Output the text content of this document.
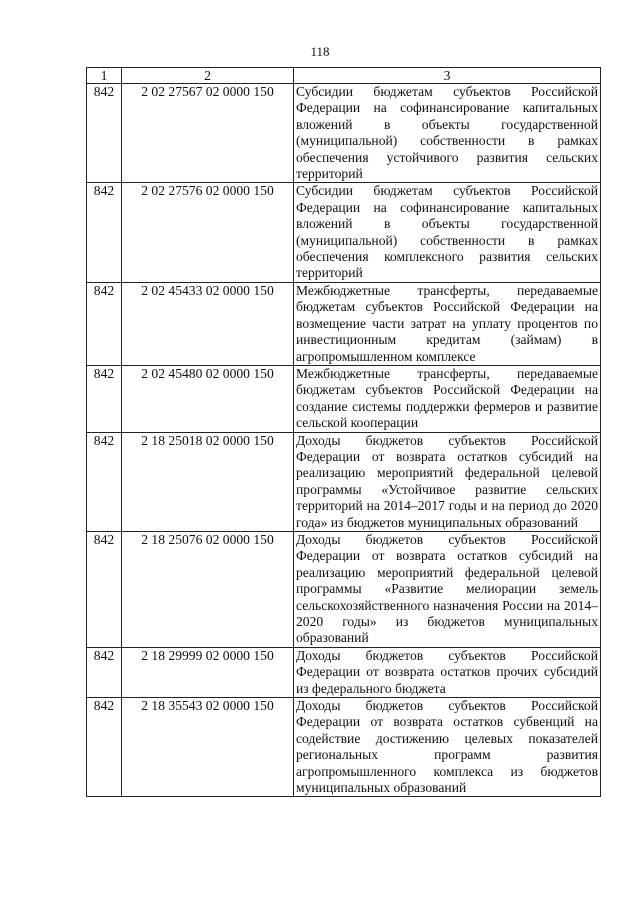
118
1	2	3
842	2 02 27567 02 0000 150	Субсидии бюджетам субъектов Российской Федерации на софинансирование капитальных вложений в объекты государственной (муниципальной) собственности в рамках обеспечения устойчивого развития сельских территорий
842	2 02 27576 02 0000 150	Субсидии бюджетам субъектов Российской Федерации на софинансирование капитальных вложений в объекты государственной (муниципальной) собственности в рамках обеспечения комплексного развития сельских территорий
842	2 02 45433 02 0000 150	Межбюджетные трансферты, передаваемые бюджетам субъектов Российской Федерации на возмещение части затрат на уплату процентов по инвестиционным кредитам (займам) в агропромышленном комплексе
842	2 02 45480 02 0000 150	Межбюджетные трансферты, передаваемые бюджетам субъектов Российской Федерации на создание системы поддержки фермеров и развитие сельской кооперации
842	2 18 25018 02 0000 150	Доходы бюджетов субъектов Российской Федерации от возврата остатков субсидий на реализацию мероприятий федеральной целевой программы «Устойчивое развитие сельских территорий на 2014–2017 годы и на период до 2020 года» из бюджетов муниципальных образований
842	2 18 25076 02 0000 150	Доходы бюджетов субъектов Российской Федерации от возврата остатков субсидий на реализацию мероприятий федеральной целевой программы «Развитие мелиорации земель сельскохозяйственного назначения России на 2014–2020 годы» из бюджетов муниципальных образований
842	2 18 29999 02 0000 150	Доходы бюджетов субъектов Российской Федерации от возврата остатков прочих субсидий из федерального бюджета
842	2 18 35543 02 0000 150	Доходы бюджетов субъектов Российской Федерации от возврата остатков субвенций на содействие достижению целевых показателей региональных программ развития агропромышленного комплекса из бюджетов муниципальных образований
